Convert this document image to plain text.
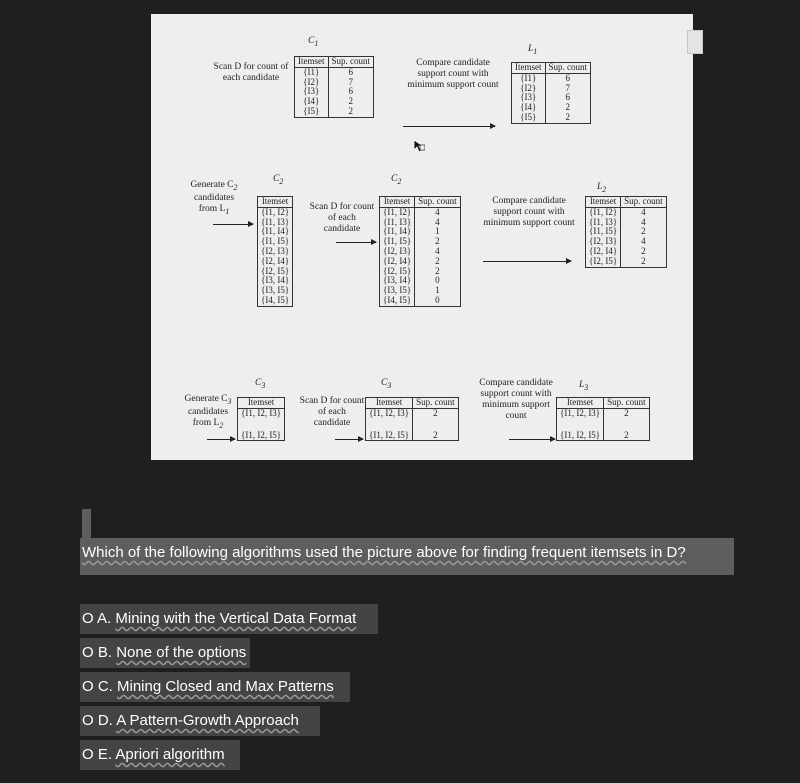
Scan D for count of each candidate
$C_1$
Itemset	Sup. count
{I1}	6
{I2}	7
{I3}	6
{I4}	2
{I5}	2
Compare candidate support count with minimum support count
$L_1$
Itemset	Sup. count
{I1}	6
{I2}	7
{I3}	6
{I4}	2
{I5}	2
Generate $C_2$
candidates
from $L_1$
$C_2$
Itemset
{I1, I2}
{I1, I3}
{I1, I4}
{I1, I5}
{I2, I3}
{I2, I4}
{I2, I5}
{I3, I4}
{I3, I5}
{I4, I5}
Scan D for count of each candidate
$C_2$
Itemset	Sup. count
{I1, I2}	4
{I1, I3}	4
{I1, I4}	1
{I1, I5}	2
{I2, I3}	4
{I2, I4}	2
{I2, I5}	2
{I3, I4}	0
{I3, I5}	1
{I4, I5}	0
Compare candidate support count with minimum support count
$L_2$
Itemset	Sup. count
{I1, I2}	4
{I1, I3}	4
{I1, I5}	2
{I2, I3}	4
{I2, I4}	2
{I2, I5}	2
Generate $C_3$
candidates
from $L_2$
$C_3$
Itemset
{I1, I2, I3}
{I1, I2, I5}
Scan D for count of each candidate
$C_3$
Itemset	Sup. count
{I1, I2, I3}	2
{I1, I2, I5}	2
Compare candidate support count with minimum support count
$L_3$
Itemset	Sup. count
{I1, I2, I3}	2
{I1, I2, I5}	2
Which of the following algorithms used the picture above for finding frequent itemsets in D?
O A. Mining with the Vertical Data Format
O B. None of the options
O C. Mining Closed and Max Patterns
O D. A Pattern-Growth Approach
O E. Apriori algorithm
